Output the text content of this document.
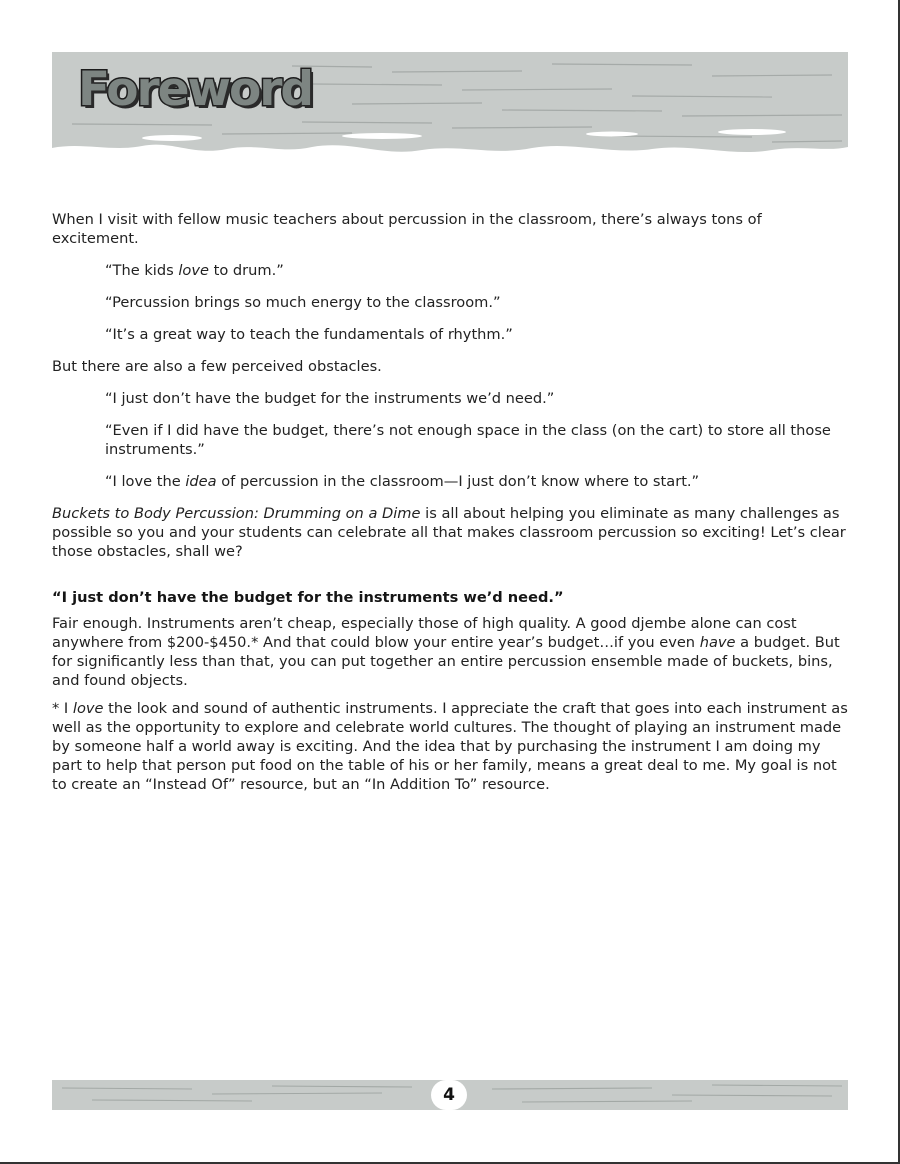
Foreword

When I visit with fellow music teachers about percussion in the classroom, there’s always tons of excitement.

“The kids love to drum.”

“Percussion brings so much energy to the classroom.”

“It’s a great way to teach the fundamentals of rhythm.”

But there are also a few perceived obstacles.

“I just don’t have the budget for the instruments we’d need.”

“Even if I did have the budget, there’s not enough space in the class (on the cart) to store all those instruments.”

“I love the idea of percussion in the classroom—I just don’t know where to start.”

Buckets to Body Percussion: Drumming on a Dime is all about helping you eliminate as many challenges as possible so you and your students can celebrate all that makes classroom percussion so exciting! Let’s clear those obstacles, shall we?

“I just don’t have the budget for the instruments we’d need.”

Fair enough. Instruments aren’t cheap, especially those of high quality. A good djembe alone can cost anywhere from $200-$450.* And that could blow your entire year’s budget…if you even have a budget. But for significantly less than that, you can put together an entire percussion ensemble made of buckets, bins, and found objects.

* I love the look and sound of authentic instruments. I appreciate the craft that goes into each instrument as well as the opportunity to explore and celebrate world cultures. The thought of playing an instrument made by someone half a world away is exciting. And the idea that by purchasing the instrument I am doing my part to help that person put food on the table of his or her family, means a great deal to me. My goal is not to create an “Instead Of” resource, but an “In Addition To” resource.

4
